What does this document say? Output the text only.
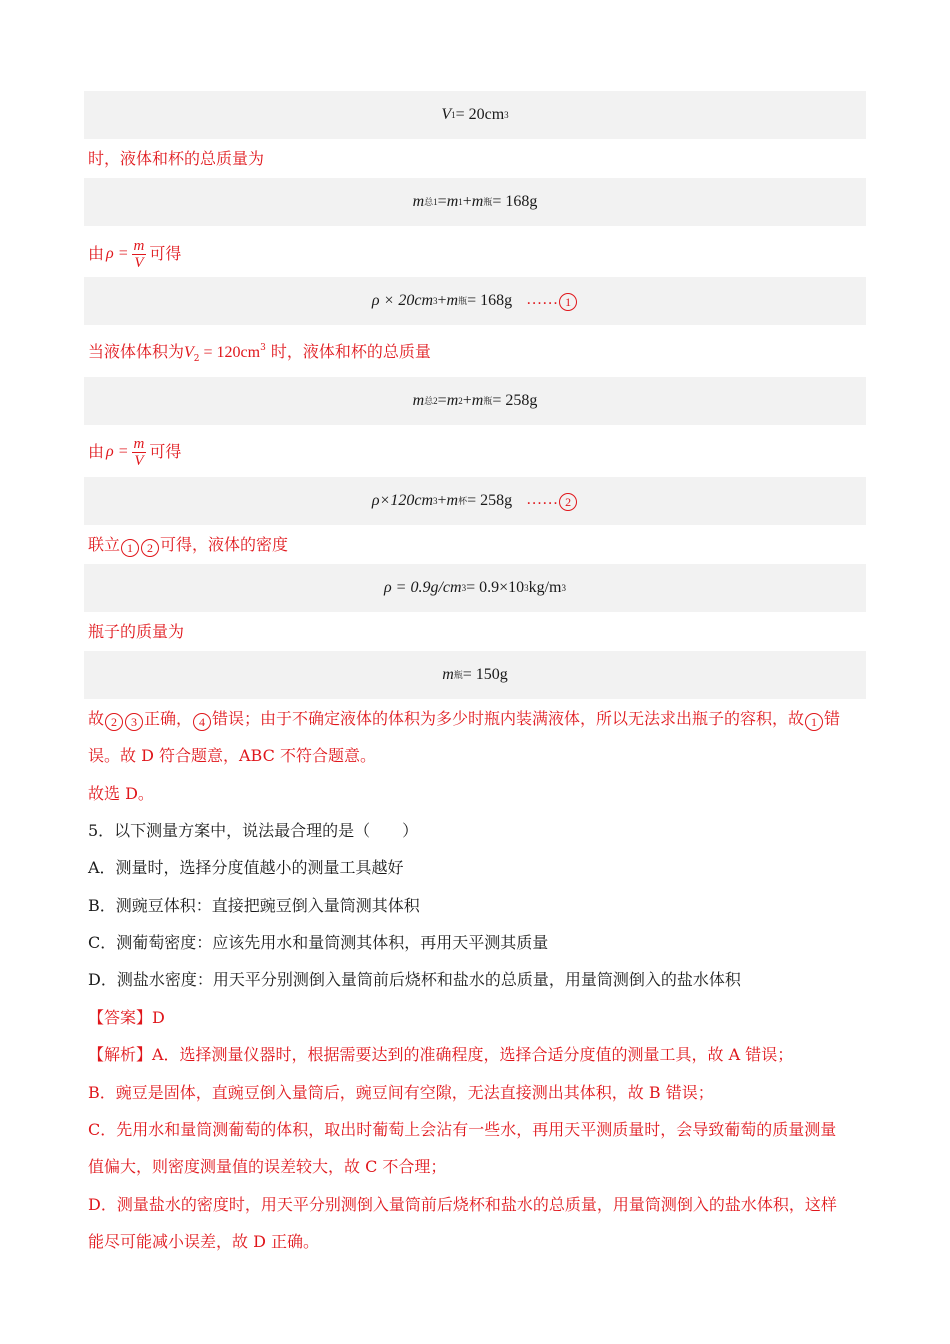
V 1 = 20cm 3
时，液体和杯的总质量为
m 总1 = m 1 + m 瓶 = 168g
由 $\rho = \frac{m}{V}$ 可得
ρ × 20cm 3 + m 瓶 = 168g …… 1
当液体体积为$V_2 = 120cm^3$ 时，液体和杯的总质量
m 总2 = m 2 + m 瓶 = 258g
由 $\rho = \frac{m}{V}$ 可得
ρ×120cm 3 + m 杯 = 258g …… 2
联立 1 2 可得，液体的密度
ρ = 0.9g/cm 3 = 0.9×10 3 kg/m 3
瓶子的质量为
m 瓶 = 150g
故 2 3 正确， 4 错误；由于不确定液体的体积为多少时瓶内装满液体，所以无法求出瓶子的容积，故 1 错
误。故 D 符合题意，ABC 不符合题意。
故选 D。
5．以下测量方案中，说法最合理的是（　　）
A．测量时，选择分度值越小的测量工具越好
B．测豌豆体积：直接把豌豆倒入量筒测其体积
C．测葡萄密度：应该先用水和量筒测其体积，再用天平测其质量
D．测盐水密度：用天平分别测倒入量筒前后烧杯和盐水的总质量，用量筒测倒入的盐水体积
【答案】D
【解析】A．选择测量仪器时，根据需要达到的准确程度，选择合适分度值的测量工具，故 A 错误；
B．豌豆是固体，直豌豆倒入量筒后，豌豆间有空隙，无法直接测出其体积，故 B 错误；
C．先用水和量筒测葡萄的体积，取出时葡萄上会沾有一些水，再用天平测质量时，会导致葡萄的质量测量
值偏大，则密度测量值的误差较大，故 C 不合理；
D．测量盐水的密度时，用天平分别测倒入量筒前后烧杯和盐水的总质量，用量筒测倒入的盐水体积，这样
能尽可能减小误差，故 D 正确。
